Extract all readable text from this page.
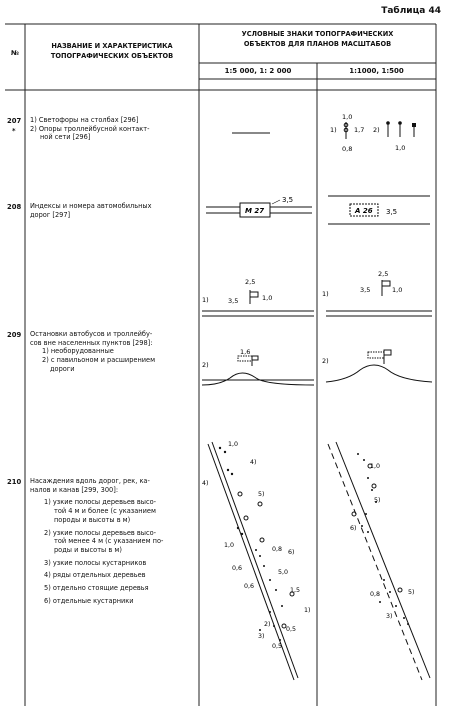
Таблица 44
№
НАЗВАНИЕ И ХАРАКТЕРИСТИКА
ТОПОГРАФИЧЕСКИХ ОБЪЕКТОВ
УСЛОВНЫЕ ЗНАКИ ТОПОГРАФИЧЕСКИХ
ОБЪЕКТОВ ДЛЯ ПЛАНОВ МАСШТАБОВ
1:5 000, 1: 2 000	1:1000, 1:500
207
*
1) Светофоры на столбах [296]
2) Опоры троллейбусной контакт-
ной сети [296]
208 Индексы и номера автомобильных
дорог [297]
209 Остановки автобусов и троллейбу-
сов вне населенных пунктов [298]:
1) необорудованные
2) с павильоном и расширением
дороги
210 Насаждения вдоль дорог, рек, ка-
налов и канав [299, 300]:
1) узкие полосы деревьев высо-
той 4 м и более (с указанием
породы и высоты в м)
2) узкие полосы деревьев высо-
той менее 4 м (с указанием по-
роды и высоты в м)
3) узкие полосы кустарников
4) ряды отдельных деревьев
5) отдельно стоящие деревья
6) отдельные кустарники
1)
1,0
1,7
0,8
2)
1,0
М 27
3,5
А 26 3,5
1)
2,5
3,5	1,0
2)
1,6
1)
2,5
3,5	1,0
2)
1,0
4)
4)
5)
1,0
0,8 6)
0,6
5,0
0,6
1,5
2)
3)
0,5
1)
0,5
1,0
5)
6)
0,8	5)
3)
